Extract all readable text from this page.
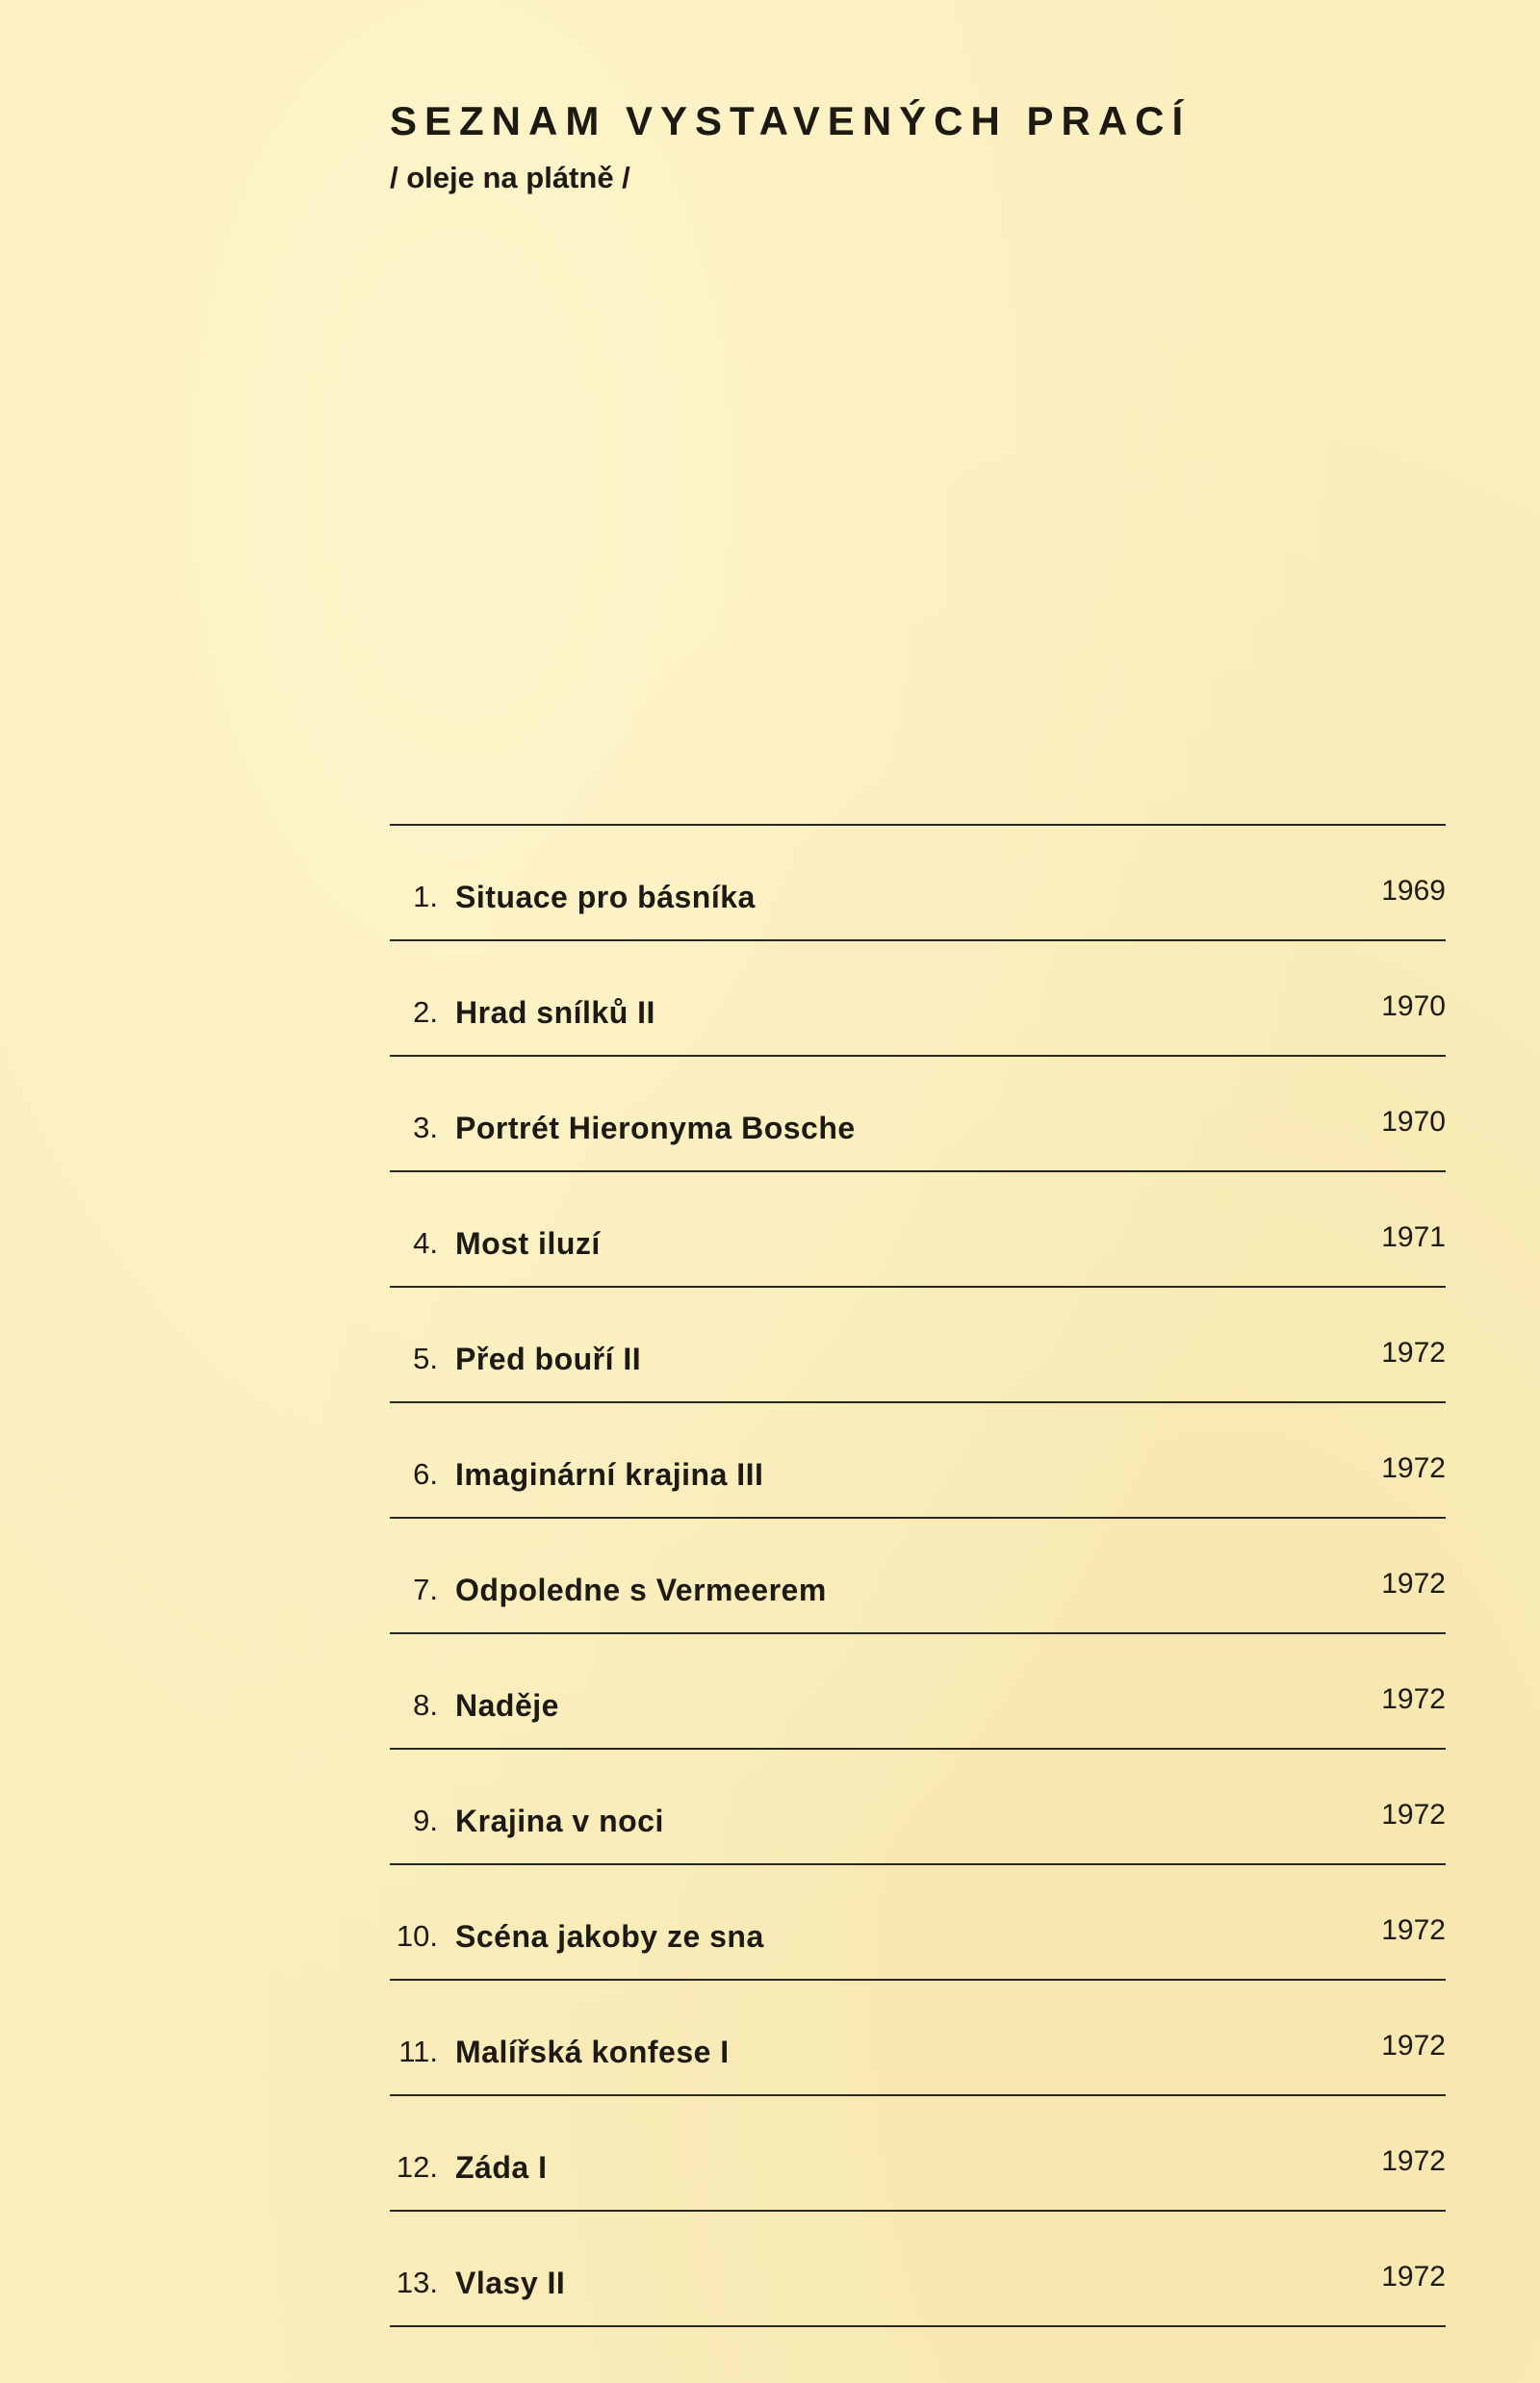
SEZNAM VYSTAVENÝCH PRACÍ

/ oleje na plátně /

1. Situace pro básníka	1969
2. Hrad snílků II	1970
3. Portrét Hieronyma Bosche	1970
4. Most iluzí	1971
5. Před bouří II	1972
6. Imaginární krajina III	1972
7. Odpoledne s Vermeerem	1972
8. Naděje	1972
9. Krajina v noci	1972
10. Scéna jakoby ze sna	1972
11. Malířská konfese I	1972
12. Záda I	1972
13. Vlasy II	1972
